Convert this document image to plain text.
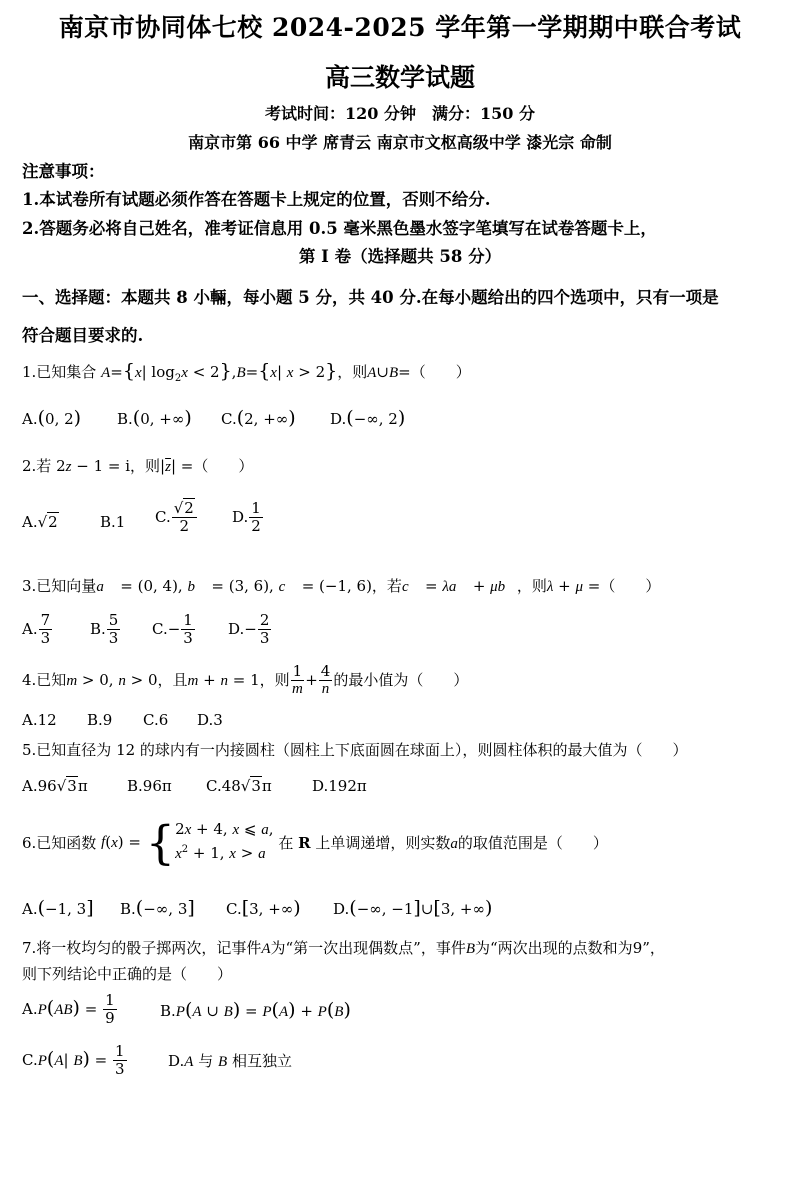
南京市协同体七校 2024-2025 学年第一学期期中联合考试
高三数学试题
考试时间：120 分钟　满分：150 分
南京市第 66 中学 席青云 南京市文枢高级中学 漆光宗 命制
注意事项：
1.本试卷所有试题必须作答在答题卡上规定的位置，否则不给分.
2.答题务必将自己姓名，准考证信息用 0.5 毫米黑色墨水签字笔填写在试卷答题卡上，
第 I 卷（选择题共 58 分）
一、选择题：本题共 8 小輛，每小题 5 分，共 40 分.在每小题给出的四个选项中，只有一项是
符合题目要求的.
1.已知集合 A={x| $\log_2x < 2\},B=\{x|$ x > 2}，则A∪B=（　　）
A.(0, 2) B.(0, +∞) C.(2, +∞) D.(−∞, 2)
2.若 2z − 1 = i，则$|\overline{z}|$ =（　　）
A.√2	B.1 C. $\frac{√2}{2} D$. $\frac{1}{2}$
3.已知向量a⃗ = (0, 4), b⃗ = (3, 6), c⃗ = (−1, 6)，若c⃗ = λa⃗ + μb⃗，则λ + μ =（　　）
A. $\frac{7}{3}$	B. $\frac{5}{3} C.- \frac{1}{3} D.- \frac{2}{3}$
4.已知m > 0, n > 0，且m + n = 1，则 $\frac{1}{m} + \frac{4}{n}$ 的最小值为（　　）
A.12 B.9 C.6 D.3
5.已知直径为 12 的球内有一内接圆柱（圆柱上下底面圆在球面上），则圆柱体积的最大值为（　　）
A.96√3π	B.96π C.48√3π	D.192π
6.已知函数 f(x) = {2x + 4, x ⩽ a,
$x^2 + 1$, x > a 在 R 上单调递增，则实数a的取值范围是（　　）
A.(−1, 3] B.(−∞, 3] C.[3, +∞) D.(−∞, −1]∪[3, +∞)
7.将一枚均匀的骰子掷两次，记事件A为“第一次出现偶数点”，事件B为“两次出现的点数和为9”，
则下列结论中正确的是（　　）
$A.P(AB) = \frac{1}{9}$	B.P(A ∪ B) = P(A) + P(B)
C.P(A| $B) = \frac{1}{3}$	D.A 与 B 相互独立
